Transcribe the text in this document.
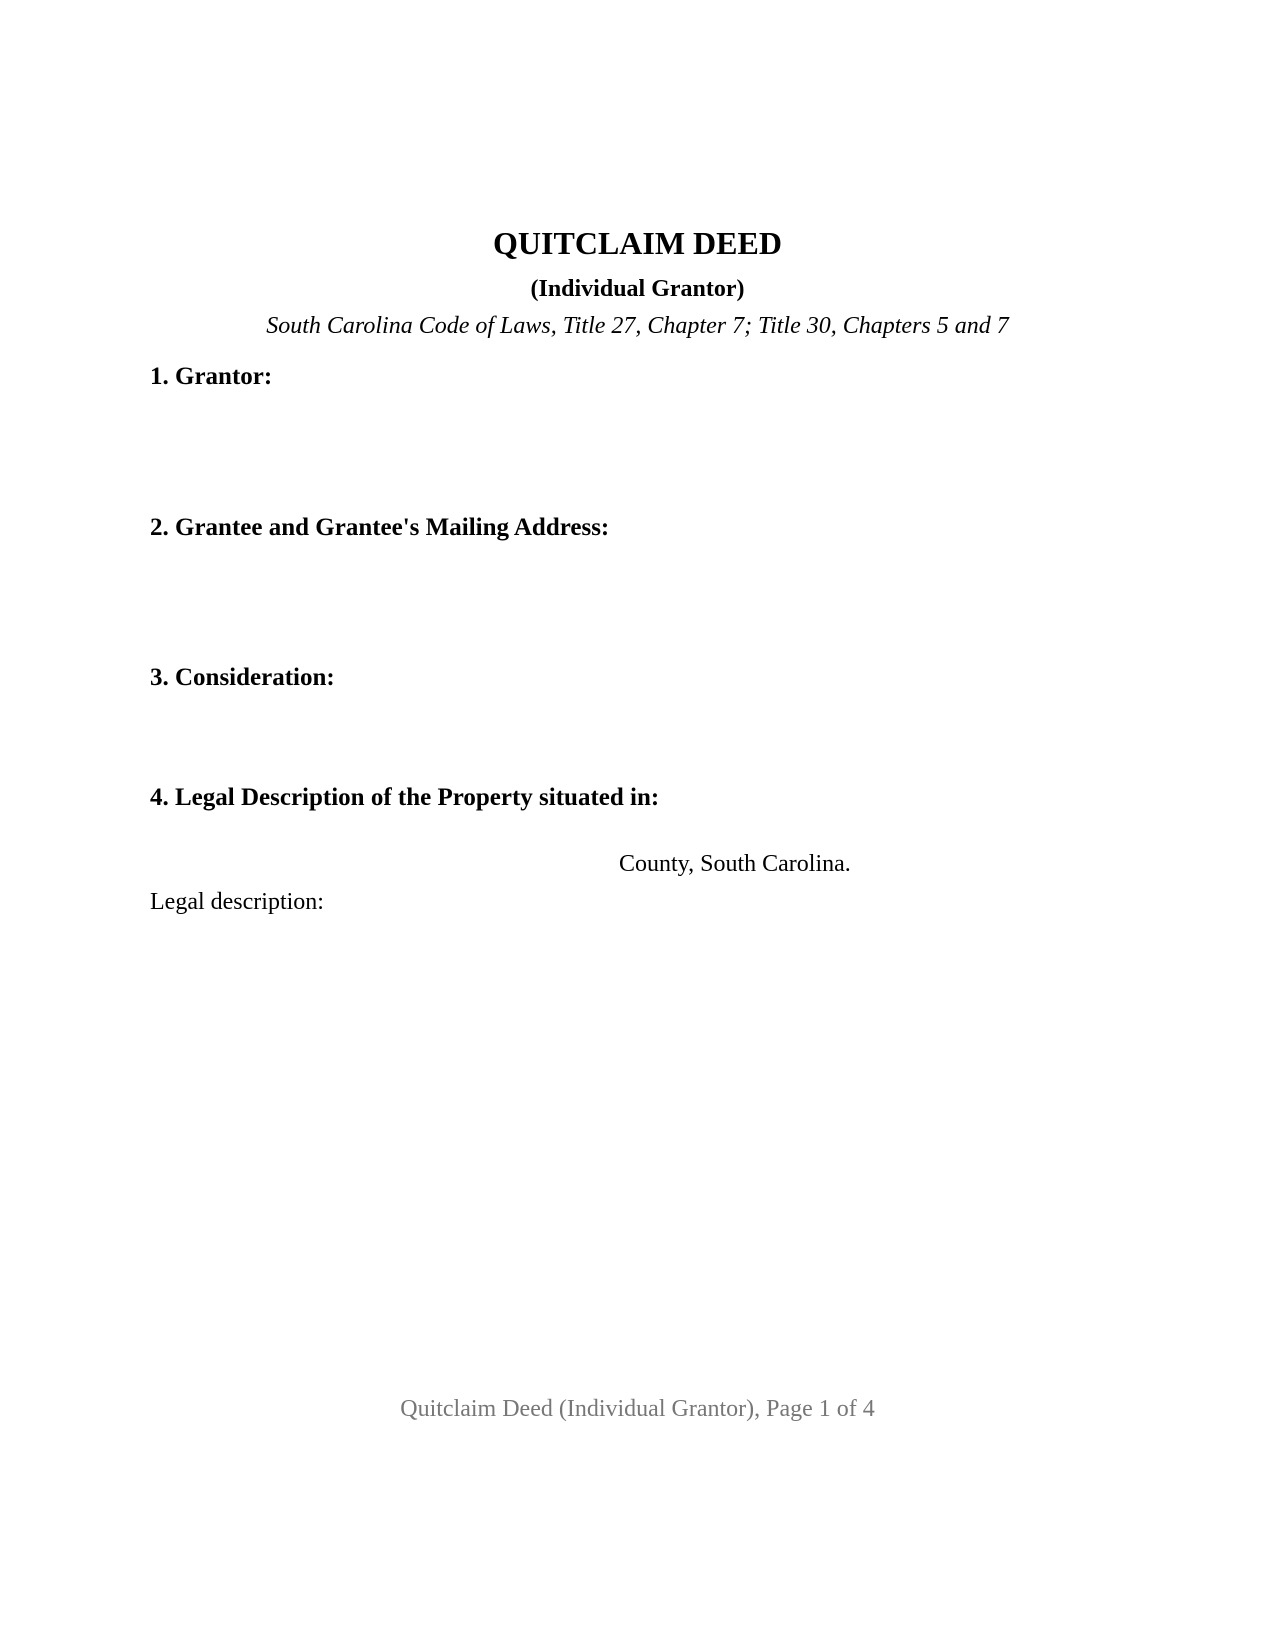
QUITCLAIM DEED
(Individual Grantor)
South Carolina Code of Laws, Title 27, Chapter 7; Title 30, Chapters 5 and 7
1. Grantor:
2. Grantee and Grantee's Mailing Address:
3. Consideration:
4. Legal Description of the Property situated in:
County, South Carolina.
Legal description:
Quitclaim Deed (Individual Grantor), Page 1 of 4
